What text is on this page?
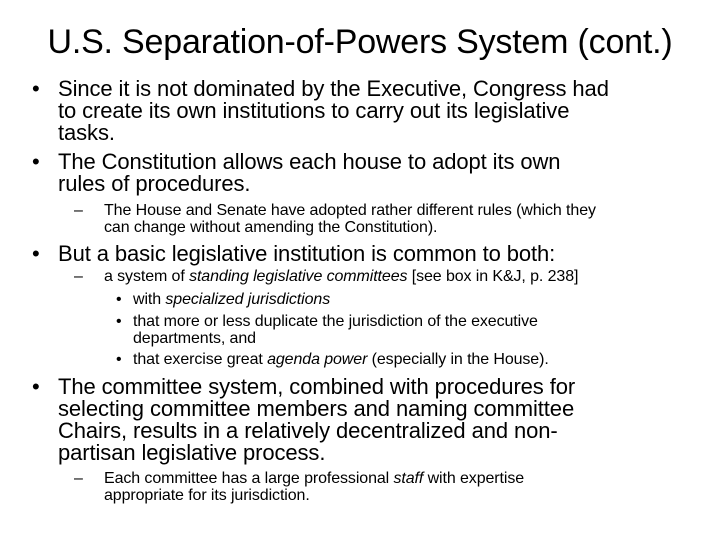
U.S. Separation-of-Powers System (cont.)
• Since it is not dominated by the Executive, Congress had
to create its own institutions to carry out its legislative
tasks.
• The Constitution allows each house to adopt its own
rules of procedures.
– The House and Senate have adopted rather different rules (which they
can change without amending the Constitution).
• But a basic legislative institution is common to both:
– a system of standing legislative committees [see box in K&J, p. 238]
• with specialized jurisdictions
• that more or less duplicate the jurisdiction of the executive
departments, and
• that exercise great agenda power (especially in the House).
• The committee system, combined with procedures for
selecting committee members and naming committee
Chairs, results in a relatively decentralized and non-
partisan legislative process.
– Each committee has a large professional staff with expertise
appropriate for its jurisdiction.
